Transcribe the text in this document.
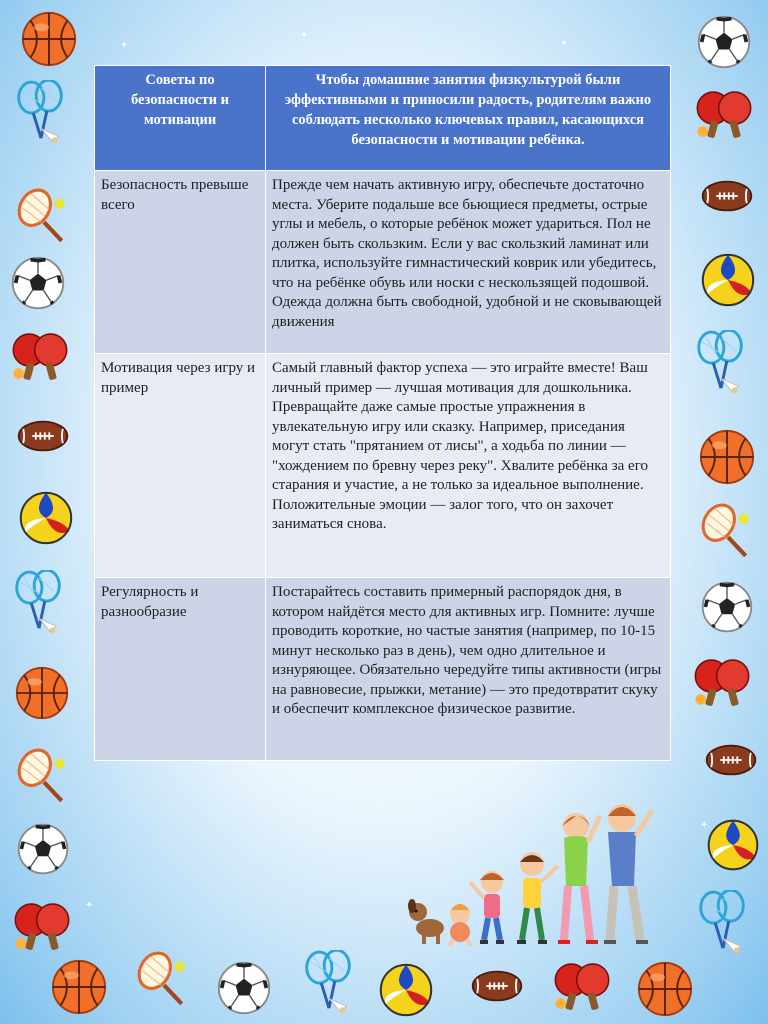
✦
✦
✦
✦
✦
Советы по безопасности и мотивации	Чтобы домашние занятия физкультурой были эффективными и приносили радость, родителям важно соблюдать несколько ключевых правил, касающихся безопасности и мотивации ребёнка.
Безопасность превыше всего	Прежде чем начать активную игру, обеспечьте достаточно места. Уберите подальше все бьющиеся предметы, острые углы и мебель, о которые ребёнок может удариться. Пол не должен быть скользким. Если у вас скользкий ламинат или плитка, используйте гимнастический коврик или убедитесь, что на ребёнке обувь или носки с нескользящей подошвой. Одежда должна быть свободной, удобной и не сковывающей движения
Мотивация через игру и пример	Самый главный фактор успеха — это играйте вместе! Ваш личный пример — лучшая мотивация для дошкольника. Превращайте даже самые простые упражнения в увлекательную игру или сказку. Например, приседания могут стать "прятанием от лисы", а ходьба по линии — "хождением по бревну через реку". Хвалите ребёнка за его старания и участие, а не только за идеальное выполнение. Положительные эмоции — залог того, что он захочет заниматься снова.
Регулярность и разнообразие	Постарайтесь составить примерный распорядок дня, в котором найдётся место для активных игр. Помните: лучше проводить короткие, но частые занятия (например, по 10-15 минут несколько раз в день), чем одно длительное и изнуряющее. Обязательно чередуйте типы активности (игры на равновесие, прыжки, метание) — это предотвратит скуку и обеспечит комплексное физическое развитие.
